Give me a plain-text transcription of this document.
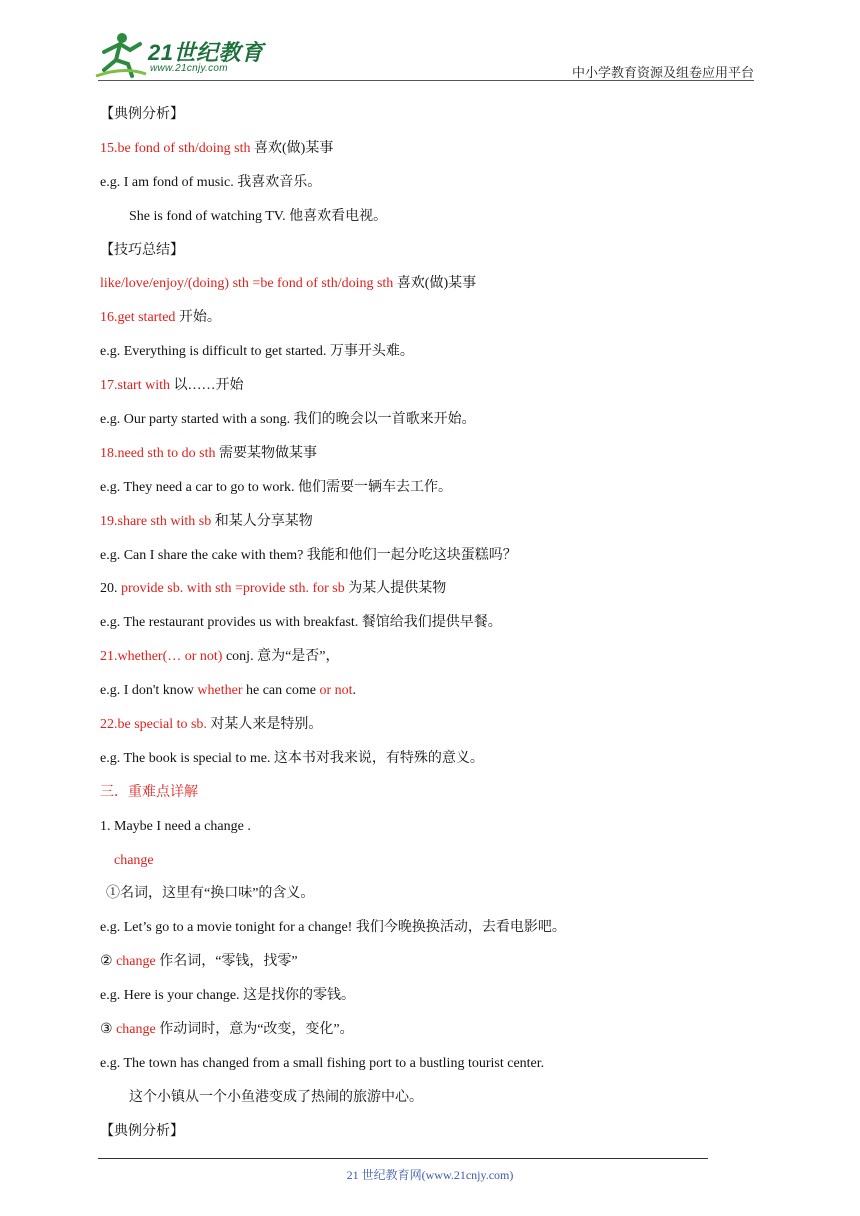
21世纪教育
www.21cnjy.com	中小学教育资源及组卷应用平台
【典例分析】
15.be fond of sth/doing sth 喜欢(做)某事
e.g. I am fond of music. 我喜欢音乐。
She is fond of watching TV. 他喜欢看电视。
【技巧总结】
like/love/enjoy/(doing) sth =be fond of sth/doing sth 喜欢(做)某事
16.get started 开始。
e.g. Everything is difficult to get started. 万事开头难。
17.start with 以……开始
e.g. Our party started with a song. 我们的晚会以一首歌来开始。
18.need sth to do sth 需要某物做某事
e.g. They need a car to go to work. 他们需要一辆车去工作。
19.share sth with sb 和某人分享某物
e.g. Can I share the cake with them? 我能和他们一起分吃这块蛋糕吗？
20. provide sb. with sth =provide sth. for sb 为某人提供某物
e.g. The restaurant provides us with breakfast. 餐馆给我们提供早餐。
21.whether(… or not) conj. 意为“是否”，
e.g. I don't know whether he can come or not.
22.be special to sb. 对某人来是特别。
e.g. The book is special to me. 这本书对我来说，有特殊的意义。
三．重难点详解
1. Maybe I need a change .
change
①名词，这里有“换口味”的含义。
e.g. Let’s go to a movie tonight for a change! 我们今晚换换活动，去看电影吧。
② change 作名词，“零钱，找零”
e.g. Here is your change. 这是找你的零钱。
③ change 作动词时，意为“改变，变化”。
e.g. The town has changed from a small fishing port to a bustling tourist center.
这个小镇从一个小鱼港变成了热闹的旅游中心。
【典例分析】
21 世纪教育网(www.21cnjy.com)
